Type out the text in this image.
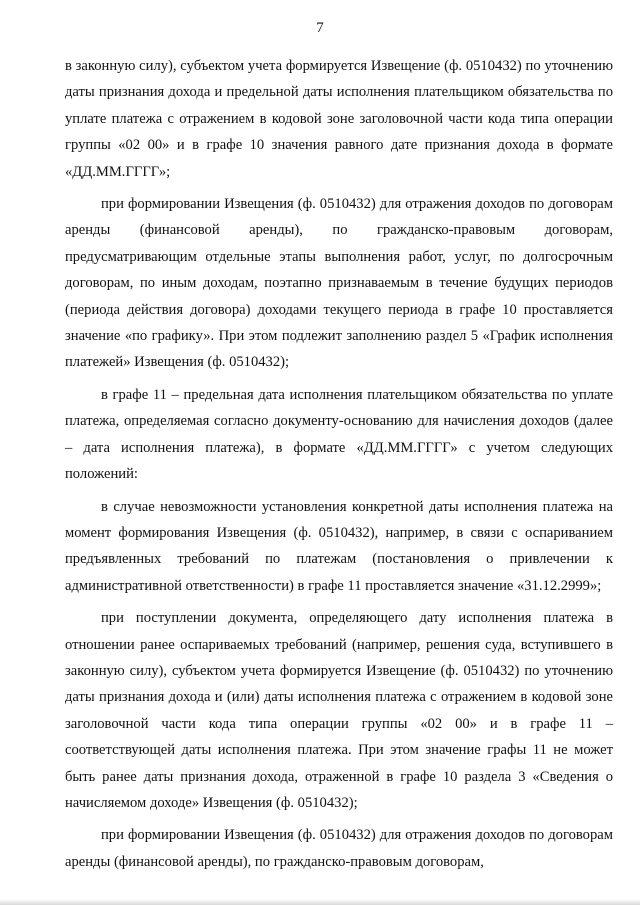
7

в законную силу), субъектом учета формируется Извещение (ф. 0510432) по уточнению даты признания дохода и предельной даты исполнения плательщиком обязательства по уплате платежа с отражением в кодовой зоне заголовочной части кода типа операции группы «02 00» и в графе 10 значения равного дате признания дохода в формате «ДД.ММ.ГГГГ»;

при формировании Извещения (ф. 0510432) для отражения доходов по договорам аренды (финансовой аренды), по гражданско-правовым договорам, предусматривающим отдельные этапы выполнения работ, услуг, по долгосрочным договорам, по иным доходам, поэтапно признаваемым в течение будущих периодов (периода действия договора) доходами текущего периода в графе 10 проставляется значение «по графику». При этом подлежит заполнению раздел 5 «График исполнения платежей» Извещения (ф. 0510432);

в графе 11 – предельная дата исполнения плательщиком обязательства по уплате платежа, определяемая согласно документу-основанию для начисления доходов (далее – дата исполнения платежа), в формате «ДД.ММ.ГГГГ» с учетом следующих положений:

в случае невозможности установления конкретной даты исполнения платежа на момент формирования Извещения (ф. 0510432), например, в связи с оспариванием предъявленных требований по платежам (постановления о привлечении к административной ответственности) в графе 11 проставляется значение «31.12.2999»;

при поступлении документа, определяющего дату исполнения платежа в отношении ранее оспариваемых требований (например, решения суда, вступившего в законную силу), субъектом учета формируется Извещение (ф. 0510432) по уточнению даты признания дохода и (или) даты исполнения платежа с отражением в кодовой зоне заголовочной части кода типа операции группы «02 00» и в графе 11 – соответствующей даты исполнения платежа. При этом значение графы 11 не может быть ранее даты признания дохода, отраженной в графе 10 раздела 3 «Сведения о начисляемом доходе» Извещения (ф. 0510432);

при формировании Извещения (ф. 0510432) для отражения доходов по договорам аренды (финансовой аренды), по гражданско-правовым договорам,
